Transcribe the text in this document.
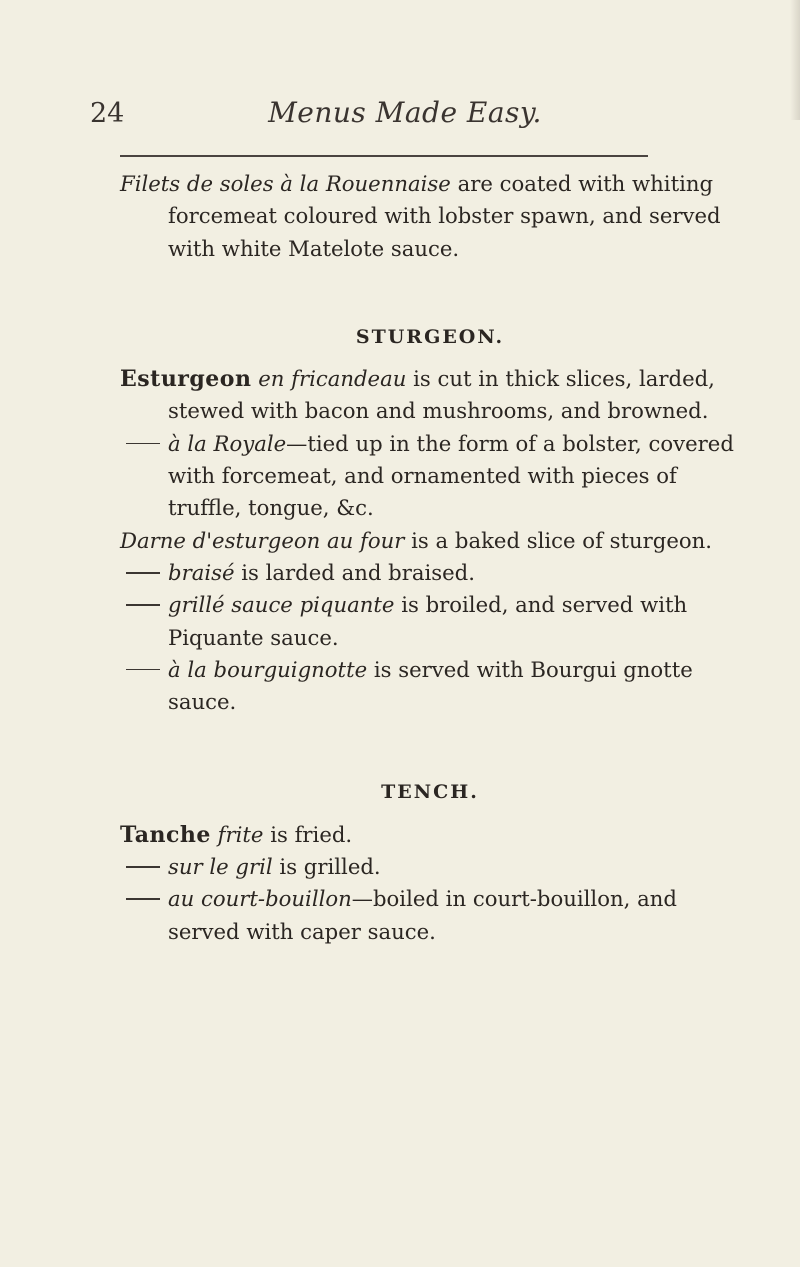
24	Menus Made Easy.

Filets de soles à la Rouennaise are coated with whiting forcemeat coloured with lobster spawn, and served with white Matelote sauce.

STURGEON.

Esturgeon en fricandeau is cut in thick slices, larded, stewed with bacon and mushrooms, and browned.

à la Royale—tied up in the form of a bolster, covered with forcemeat, and ornamented with pieces of truffle, tongue, &c.

Darne d'esturgeon au four is a baked slice of sturgeon.

braisé is larded and braised.

grillé sauce piquante is broiled, and served with Piquante sauce.

à la bourguignotte is served with Bourgui gnotte sauce.

TENCH.

Tanche frite is fried.

sur le gril is grilled.

au court-bouillon—boiled in court-bouillon, and served with caper sauce.
